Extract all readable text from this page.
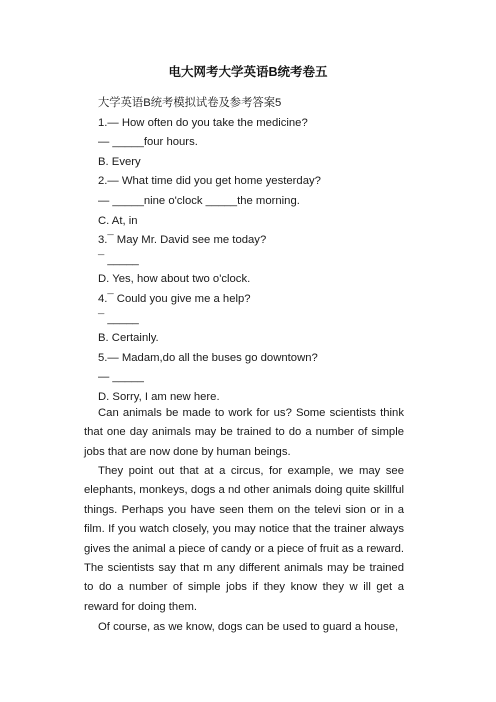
电大网考大学英语B统考卷五
大学英语B统考模拟试卷及参考答案5
1.— How often do you take the medicine?
— _____four hours.
B. Every
2.— What time did you get home yesterday?
— _____nine o'clock _____the morning.
C. At, in
3.¯ May Mr. David see me today?
¯ _____
D. Yes, how about two o'clock.
4.¯ Could you give me a help?
¯ _____
B. Certainly.
5.— Madam,do all the buses go downtown?
— _____
D. Sorry, I am new here.
Can animals be made to work for us? Some scientists think that one day animals may be trained to do a number of simple jobs that are now done by human beings.
They point out that at a circus, for example, we may see elephants, monkeys, dogs a nd other animals doing quite skillful things. Perhaps you have seen them on the televi sion or in a film. If you watch closely, you may notice that the trainer always gives the animal a piece of candy or a piece of fruit as a reward. The scientists say that m any different animals may be trained to do a number of simple jobs if they know they w ill get a reward for doing them.
Of course, as we know, dogs can be used to guard a house,
